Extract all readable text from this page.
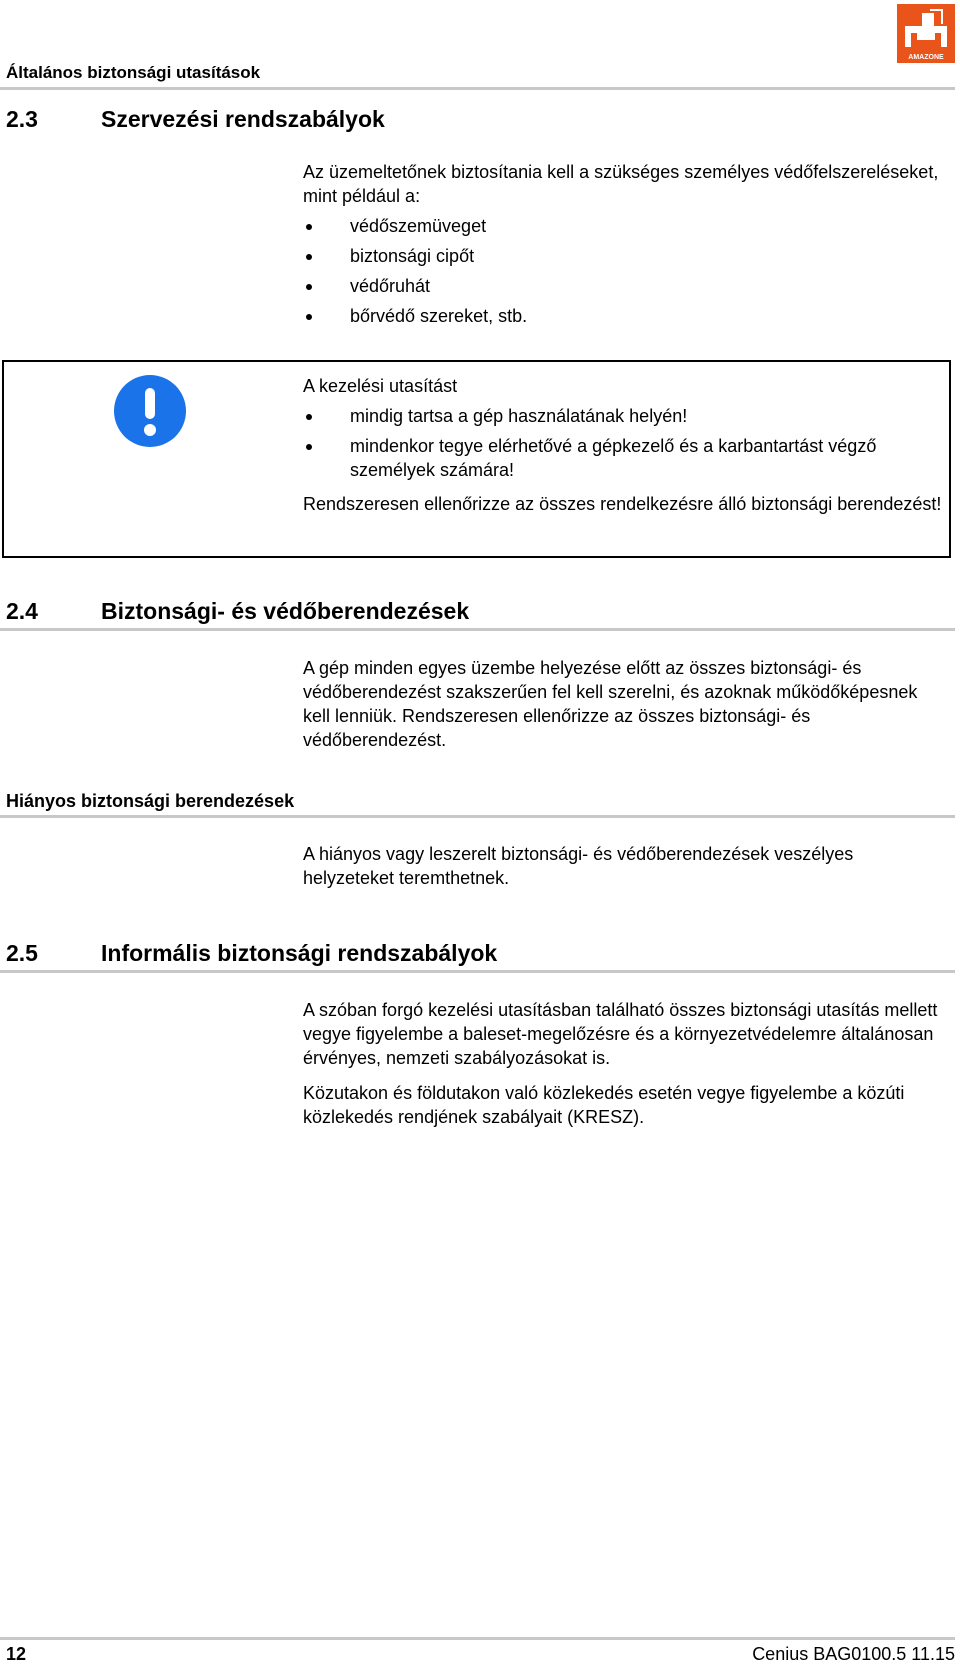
Általános biztonsági utasítások
AMAZONE
2.3	Szervezési rendszabályok

Az üzemeltetőnek biztosítania kell a szükséges személyes védőfelszereléseket, mint például a:

védőszemüveget
biztonsági cipőt
védőruhát
bőrvédő szereket, stb.

A kezelési utasítást

mindig tartsa a gép használatának helyén!
mindenkor tegye elérhetővé a gépkezelő és a karbantartást végző személyek számára!

Rendszeresen ellenőrizze az összes rendelkezésre álló biztonsági berendezést!

2.4	Biztonsági- és védőberendezések

A gép minden egyes üzembe helyezése előtt az összes biztonsági- és védőberendezést szakszerűen fel kell szerelni, és azoknak működőképesnek kell lenniük. Rendszeresen ellenőrizze az összes biztonsági- és védőberendezést.

Hiányos biztonsági berendezések

A hiányos vagy leszerelt biztonsági- és védőberendezések veszélyes helyzeteket teremthetnek.

2.5	Informális biztonsági rendszabályok

A szóban forgó kezelési utasításban található összes biztonsági utasítás mellett vegye figyelembe a baleset-megelőzésre és a környezetvédelemre általánosan érvényes, nemzeti szabályozásokat is.

Közutakon és földutakon való közlekedés esetén vegye figyelembe a közúti közlekedés rendjének szabályait (KRESZ).

12	Cenius BAG0100.5 11.15
